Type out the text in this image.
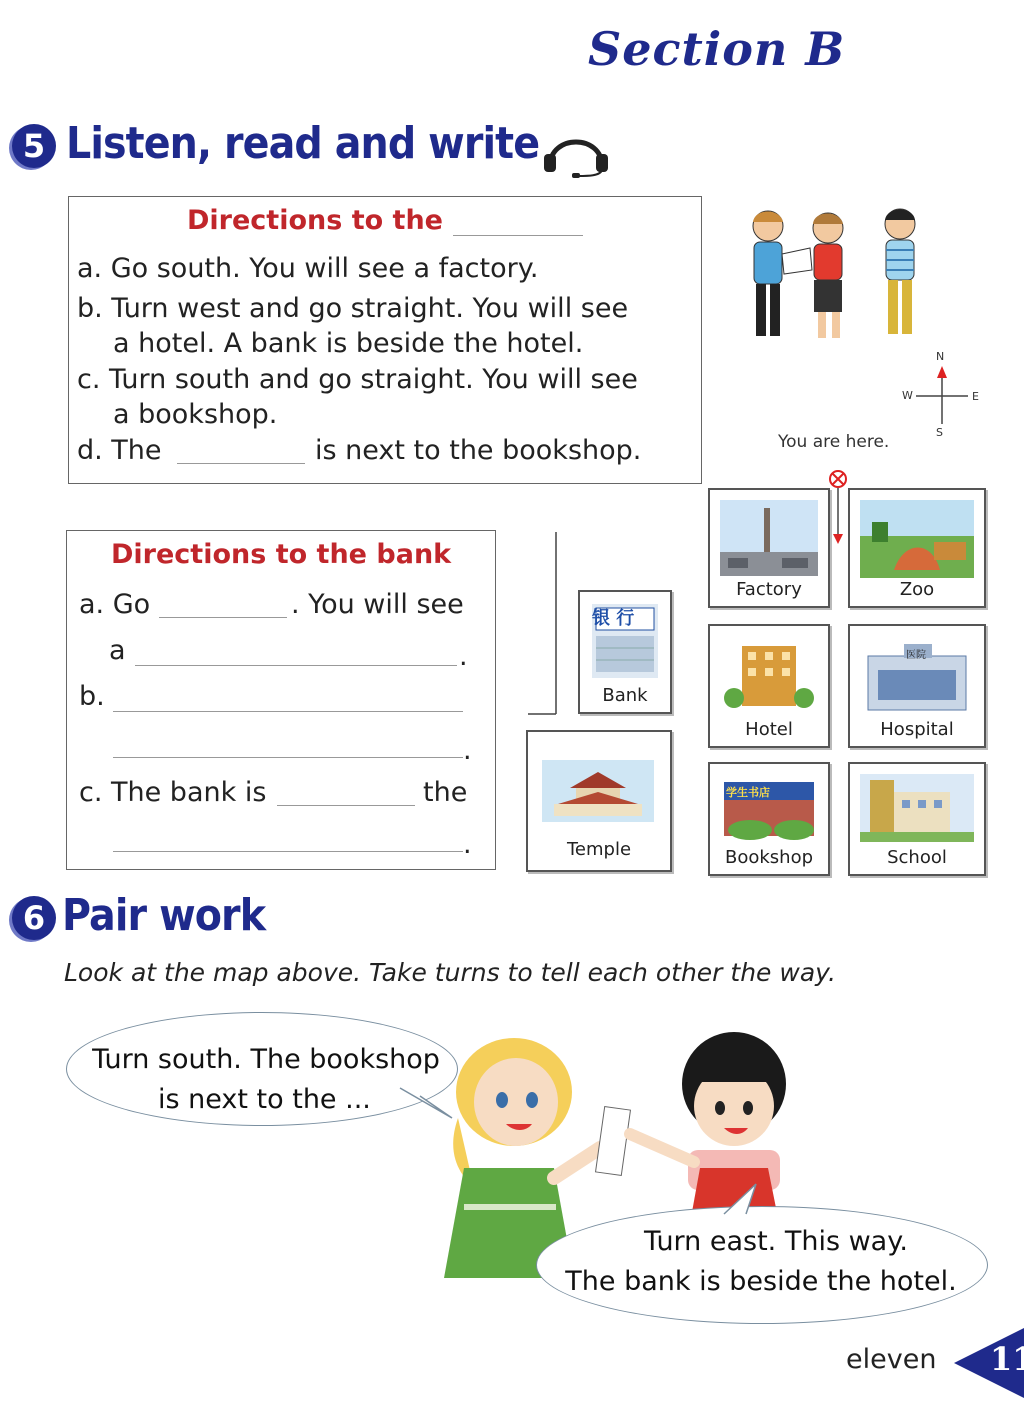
Section B
5 Listen, read and write
Directions to the
a. Go south. You will see a factory.
b. Turn west and go straight. You will see
a hotel. A bank is beside the hotel.
c. Turn south and go straight. You will see
a bookshop.
d. The	is next to the bookshop.
N
W	E
S
You are here.
Directions to the bank
a. Go	. You will see
a	.
b.
.
c. The bank is	the
.
银 行
Bank
Temple
Factory	Zoo
Hotel
医院
Hospital
学生书店
Bookshop	School
6 Pair work
Look at the map above. Take turns to tell each other the way.
Turn south. The bookshop
is next to the ...
Turn east. This way.
The bank is beside the hotel.
eleven 11
